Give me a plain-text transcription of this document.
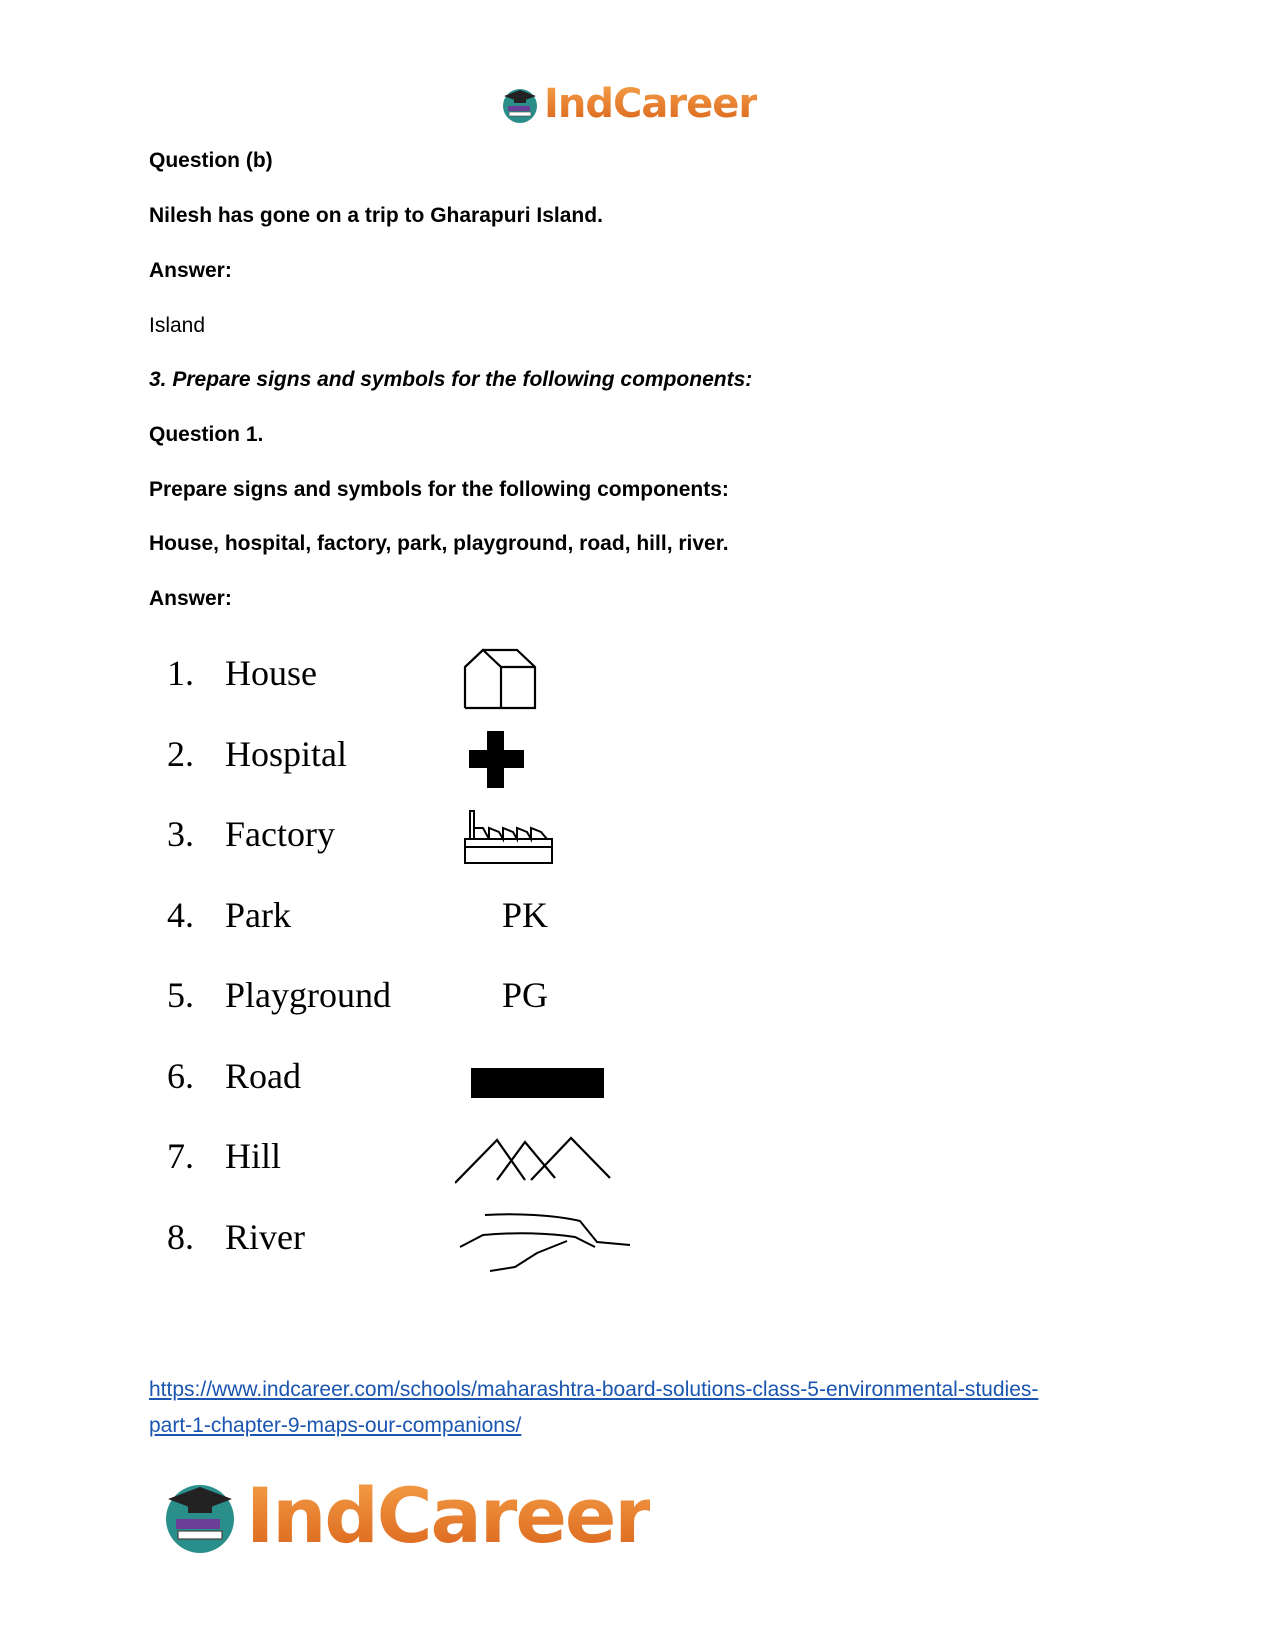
IndCareer
Question (b)
Nilesh has gone on a trip to Gharapuri Island.
Answer:
Island
3. Prepare signs and symbols for the following components:
Question 1.
Prepare signs and symbols for the following components:
House, hospital, factory, park, playground, road, hill, river.
Answer:
1. House
2. Hospital
3. Factory
4. Park	PK
5. Playground	PG
6. Road
7. Hill
8. River
https://www.indcareer.com/schools/maharashtra-board-solutions-class-5-environmental-studies-
part-1-chapter-9-maps-our-companions/
IndCareer
